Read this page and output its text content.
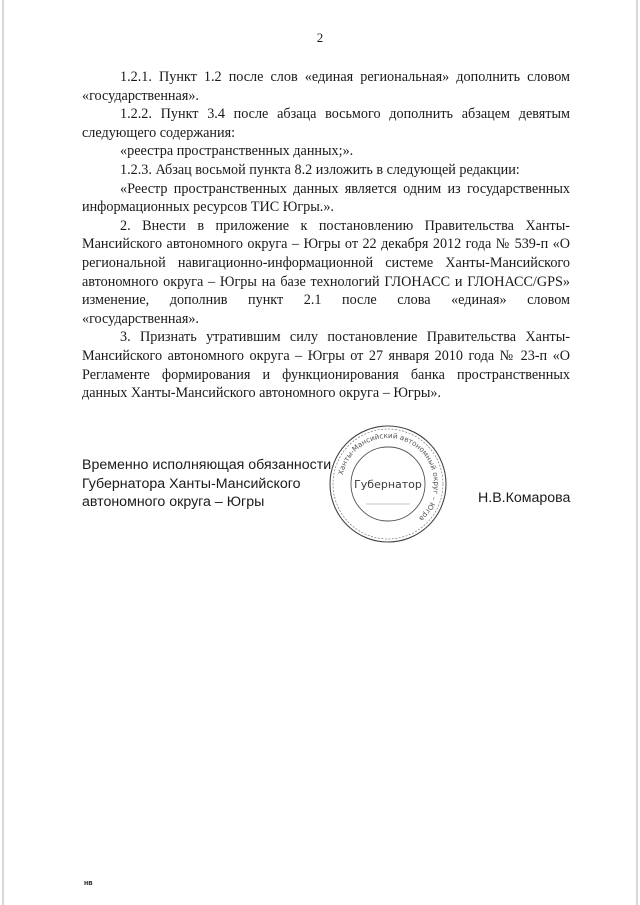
2

1.2.1. Пункт 1.2 после слов «единая региональная» дополнить словом «государственная».

1.2.2. Пункт 3.4 после абзаца восьмого дополнить абзацем девятым следующего содержания:

«реестра пространственных данных;».

1.2.3. Абзац восьмой пункта 8.2 изложить в следующей редакции:

«Реестр пространственных данных является одним из государственных информационных ресурсов ТИС Югры.».

2. Внести в приложение к постановлению Правительства Ханты-Мансийского автономного округа – Югры от 22 декабря 2012 года № 539-п «О региональной навигационно-информационной системе Ханты-Мансийского автономного округа – Югры на базе технологий ГЛОНАСС и ГЛОНАСС/GPS» изменение, дополнив пункт 2.1 после слова «единая» словом «государственная».

3. Признать утратившим силу постановление Правительства Ханты-Мансийского автономного округа – Югры от 27 января 2010 года № 23-п «О Регламенте формирования и функционирования банка пространственных данных Ханты-Мансийского автономного округа – Югры».

Временно исполняющая обязанности
Губернатора Ханты-Мансийского
автономного округа – Югры
Ханты-Мансийский автономный округ – Югра
Губернатор
Н.В.Комарова
нв
